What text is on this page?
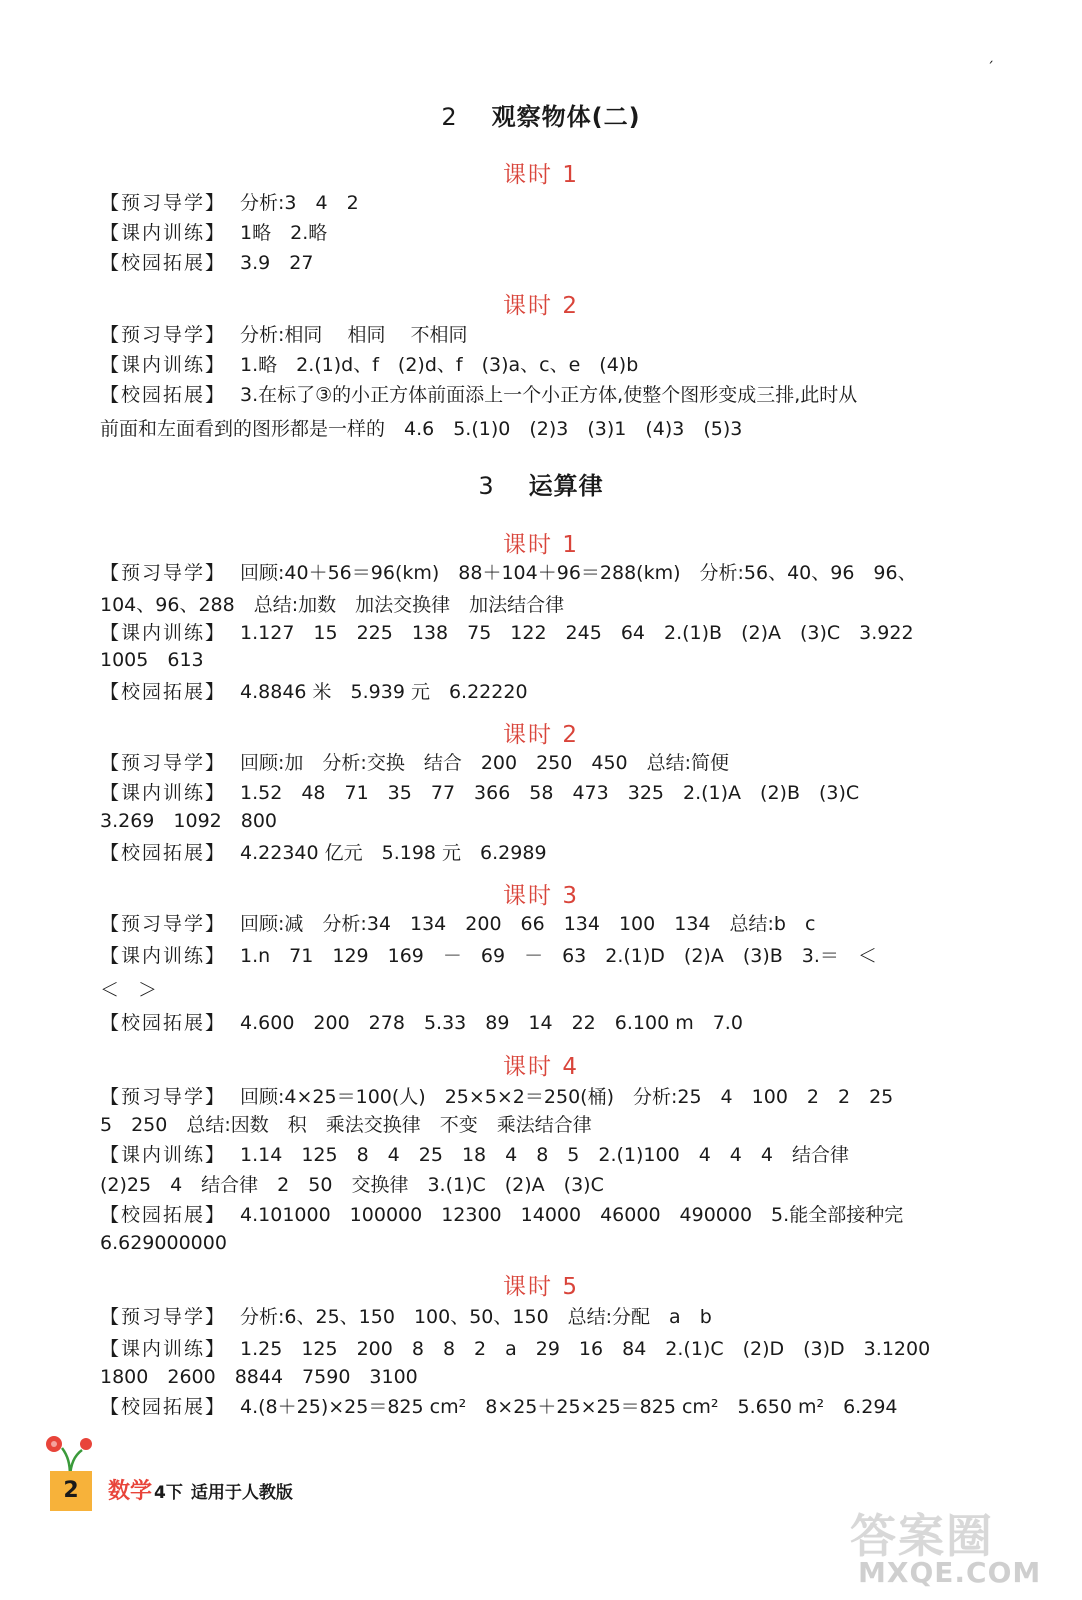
ˏ
2 观察物体(二)
课时 1
【预习导学】 分析:3　4　2
【课内训练】 1略　2.略
【校园拓展】 3.9　27
课时 2
【预习导学】 分析:相同　 相同　 不相同
【课内训练】 1.略　2.(1)d、f　(2)d、f　(3)a、c、e　(4)b
【校园拓展】 3.在标了③的小正方体前面添上一个小正方体,使整个图形变成三排,此时从
前面和左面看到的图形都是一样的　4.6　5.(1)0　(2)3　(3)1　(4)3　(5)3
3 运算律
课时 1
【预习导学】 回顾:40＋56＝96(km)　88＋104＋96＝288(km)　分析:56、40、96　96、
104、96、288　总结:加数　加法交换律　加法结合律
【课内训练】 1.127　15　225　138　75　122　245　64　2.(1)B　(2)A　(3)C　3.922
1005　613
【校园拓展】 4.8846 米　5.939 元　6.22220
课时 2
【预习导学】 回顾:加　分析:交换　结合　200　250　450　总结:简便
【课内训练】 1.52　48　71　35　77　366　58　473　325　2.(1)A　(2)B　(3)C
3.269　1092　800
【校园拓展】 4.22340 亿元　5.198 元　6.2989
课时 3
【预习导学】 回顾:减　分析:34　134　200　66　134　100　134　总结:b　c
【课内训练】 1.n　71　129　169　－　69　－　63　2.(1)D　(2)A　(3)B　3.＝　＜
＜　＞
【校园拓展】 4.600　200　278　5.33　89　14　22　6.100 m　7.0
课时 4
【预习导学】 回顾:4×25＝100(人)　25×5×2＝250(桶)　分析:25　4　100　2　2　25
5　250　总结:因数　积　乘法交换律　不变　乘法结合律
【课内训练】 1.14　125　8　4　25　18　4　8　5　2.(1)100　4　4　4　结合律
(2)25　4　结合律　2　50　交换律　3.(1)C　(2)A　(3)C
【校园拓展】 4.101000　100000　12300　14000　46000　490000　5.能全部接种完
6.629000000
课时 5
【预习导学】 分析:6、25、150　100、50、150　总结:分配　a　b
【课内训练】 1.25　125　200　8　8　2　a　29　16　84　2.(1)C　(2)D　(3)D　3.1200
1800　2600　8844　7590　3100
【校园拓展】 4.(8＋25)×25＝825 cm²　8×25＋25×25＝825 cm²　5.650 m²　6.294
2	数学 4下 适用于人教版
答案圈
MXQE.COM
